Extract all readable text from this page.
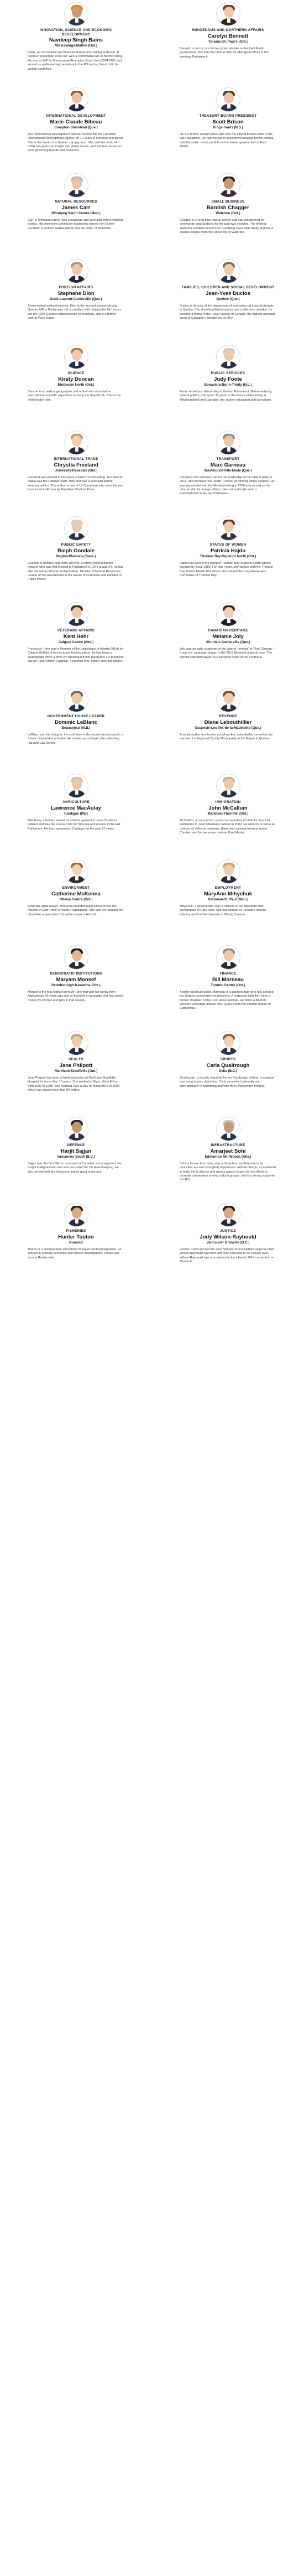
INNOVATION, SCIENCE AND ECONOMIC DEVELOPMENT
Navdeep Singh Bains
Mississauga-Malton (Ont.)
Bains, an accountant and financial analyst and visiting professor at Ryerson University, once ran, won a comfortable win in his first riding. He was an MP for Mississauga-Brampton South from 2004-2011 and served as parliamentary secretary to the PM and a Liberal critic for various portfolios.
INDIGENOUS AND NORTHERN AFFAIRS
Carolyn Bennett
Toronto-St. Paul's (Ont.)
Bennett, a doctor, is a former junior minister in the Paul Martin government. She was the Liberal critic for aboriginal affairs in the previous Parliament.
INTERNATIONAL DEVELOPMENT
Marie-Claude Bibeau
Compton-Stanstead (Que.)
The International Development Minister worked for the Canadian International Development Agency for 12 years in Morocco and Benin. She is the owner of a Quebec campground. She said her work with CIDA has given her insight into global issues, and she has served on local governing boards and museums.
TREASURY BOARD PRESIDENT
Scott Brison
Kings-Hants (N.S.)
He is a former Conservative who was the Liberal finance critic in the last Parliament. He has worked in investment banking before politics, held the public works portfolio in the former government of Paul Martin.
NATURAL RESOURCES
James Carr
Winnipeg South Centre (Man.)
Carr, a Winnipeg native, was a musician and journalist before entering politics. His extensive community leadership earned him Queen Elizabeth II Golden Jubilee Medal and the Order of Manitoba.
SMALL BUSINESS
Bardish Chagger
Waterloo (Ont.)
Chagger is a long-time Liberal worker and has volunteered for community organizations for the past two decades. The lifelong Waterloo resident comes from a working-class Sikh family and has a science degree from the University of Waterloo.
FOREIGN AFFAIRS
Stephane Dion
Saint-Laurent-Cartierville (Que.)
A time-tested political survivor, Dion is the second-longest serving Quebec MP in Parliament. He is credited with helping the 'No' forces win the 1995 Quebec independence referendum, and is a former Liberal Party leader.
FAMILIES, CHILDREN AND SOCIAL DEVELOPMENT
Jean-Yves Duclos
Quebec (Que.)
Duclos is director of the department of economics at Laval University in Quebec City. A well-published author and conference speaker, he became a fellow of the Royal Society of Canada, the highest accolade given to Canadian researchers, in 2014.
SCIENCE
Kirsty Duncan
Etobicoke North (Ont.)
Duncan is a medical geographer and author who once led an international scientific expedition to study the Spanish flu. This is her third election win.
PUBLIC SERVICES
Judy Foote
Bonavista-Burin-Trinity (N.L.)
Foote served as Liberal whip in the last Parliament. Before entering federal politics, she spent 11 years in the House of Assembly in Newfoundland and Labrador, the student education and journalism.
INTERNATIONAL TRADE
Chrystia Freeland
University-Rosedale (Ont.)
Freeland was elected in the newly created Toronto riding. The Alberta native was the Liberals' trade critic and was a journalist before entering politics. The author is one of 13 Canadians who were banned from travel to Russia by President Vladimir Putin.
TRANSPORT
Marc Garneau
Westmount-Ville-Marie (Que.)
Canada's first astronaut ran for the leadership of the Liberal party in 2013, and accused rival Justin Trudeau of offering empty slogans. He was parachuted into the Montreal riding in 2008 and served as the Liberal critic for foreign affairs, international trade and La Francophonie in the last Parliament.
PUBLIC SAFETY
Ralph Goodale
Regina-Wascana (Sask.)
Goodale is another long-term survivor, a former federal finance minister who was first elected to Parliament in 1974 at age 24. He has also served as Minister of Agriculture, Minister of Natural Resources, Leader of the Government in the House of Commons and Minister of Public Works.
STATUS OF WOMEN
Patricia Hajdu
Thunder Bay-Superior North (Ont.)
Hajdu has lived in the riding of Thunder Bay-Superior North almost exclusively since 1980. For nine years, she worked with the Thunder Bay District Health Unit where she chaired the Drug Awareness Committee of Thunder Bay.
VETERANS AFFAIRS
Kent Hehr
Calgary Centre (Alta.)
Previously, Hehr was a Member of the Legislature of Alberta (MLA) for Calgary-Buffalo. A former junior hockey player, he has been a quadriplegic since a drive-by shooting left him paralyzed. He practised law at Fraser Milner Casgrain, a national firm, before entering politics.
CANADIAN HERITAGE
Melanie Joly
Ahuntsic-Cartierville (Que.)
Joly was an early supporter of the Liberal 'renewal' of 'Real Change' — it was her campaign slogan in the 2013 Montreal mayoral race. The Oxford-educated lawyer is a personal friend of the Trudeaus.
GOVERNMENT HOUSE LEADER
Dominic LeBlanc
Beausejour (N.B.)
LeBlanc won his riding for the sixth time in the recent election and is a former Liberal House leader. He worked as a lawyer after attending Harvard Law School.
REVENUE
Diane Lebouthillier
Gaspesie-Les Iles-de-la-Madeleine (Que.)
A social worker and former social worker, Lebouthillier served as the warden of a Regional County Municipality in the Gaspe in Quebec.
AGRICULTURE
Lawrence MacAulay
Cardigan (PEI)
MacAulay, a farmer, served as solicitor-general in Jean Chretien's cabinet and was the Liberal critic for fisheries and oceans in the last Parliament. He has represented Cardigan for the past 27 years.
IMMIGRATION
John McCallum
Markham-Thornhill (Ont.)
McCallum, an economist, served as secretary of state for financial institutions in Jean Chretien's cabinet in 2002. He went on to serve as minister of defence, veterans affairs and national revenue under Chretien and former prime minister Paul Martin.
ENVIRONMENT
Catherine McKenna
Ottawa Centre (Ont.)
A human rights lawyer, McKenna provided legal advice to the UN mission in East Timor on treaty negotiations. She later co-founded the charitable organization Canadian Lawyers Abroad.
EMPLOYMENT
MaryAnn Mihychuk
Kildonan-St. Paul (Man.)
Mihychuk, a geoscientist, was a minister in the Manitoba NDP government of Gary Doer. She has worked in Canada's mineral industry and founded Women in Mining Canada.
DEMOCRATIC INSTITUTIONS
Maryam Monsef
Peterborough-Kawartha (Ont.)
Monsef is the first Afghan-born MP. She fled with her family from Afghanistan 20 years ago and co-founded a campaign that has raised money for women and girls in that country.
FINANCE
Bill Morneau
Toronto Centre (Ont.)
Another political rookie, Morneau is a businessman who has advised the Ontario government on pensions. A corporate high flier, he is a former chairman of the C.D. Howe Institute. He holds a BA from Western University and an MSc (Econ.) from the London School of Economics.
HEALTH
Jane Philpott
Markham-Stouffville (Ont.)
Jane Philpott has been a family physician at Markham Stouffville Hospital for more than 10 years. She worked in Niger, West Africa from 1989 to 1998. She founded Give a Day to World AIDS in 2004, which has raised more than $4 million.
SPORTS
Carla Qualtrough
Delta (B.C.)
Qualtrough, a visually impaired former Paralympic athlete, is a lawyer practising human rights law. Carla competed nationally and internationally in swimming and won three Paralympic medals.
DEFENCE
Harjit Sajjan
Vancouver South (B.C.)
Sajjan was the first Sikh to command a Canadian army regiment. He fought in Afghanistan and was decorated for US peacekeeping. He also served with the Vancouver police gang crime unit.
INFRASTRUCTURE
Amarjeet Sohi
Edmonton Mill Woods (Alta.)
Sohi, a former bus driver, was a three-term an Edmonton city councillor. He was wrongfully imprisoned, without charge, as a terrorist in India. He is also an anti-racism activist known for his efforts to promote cooperation among cultural groups, and is a strong supporter of LRTs.
FISHERIES
Hunter Tootoo
Nunavut
Tootoo is a businessman and former Nunavut territorial legislator. He worked in housing economic and finance development. Tootoo was born in Rankin Inlet.
JUSTICE
Jody Wilson-Raybould
Vancouver Granville (B.C.)
Former Crown prosecutor and member of First Nations regional chief Wilson-Raybould was born and was expected to be a tough race. Wilson-Raybould was a prominent in the Liberals 2014 convention in Montreal.
